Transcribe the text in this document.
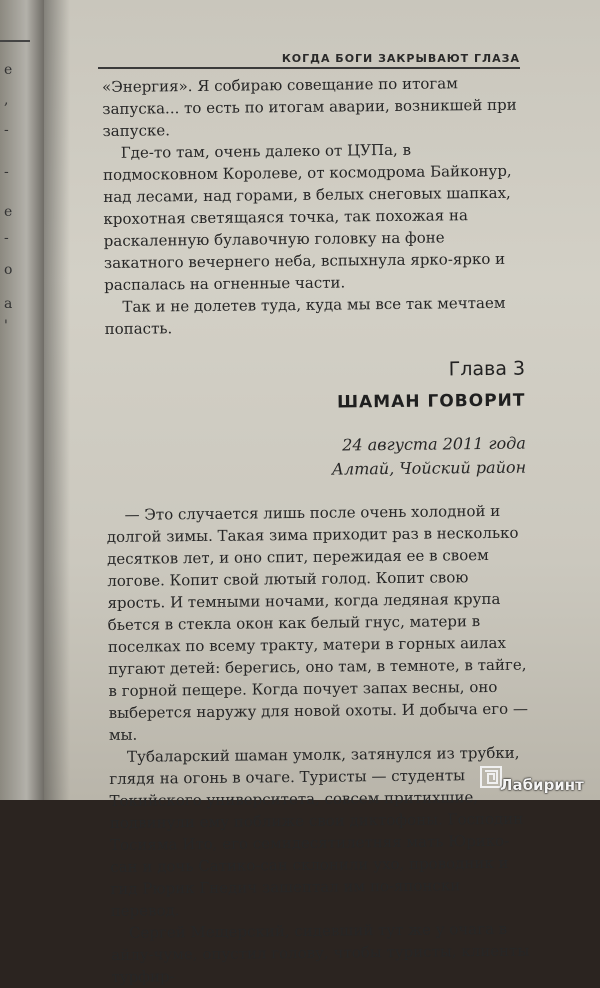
e
,
-
-
e
-
o
a
'
КОГДА БОГИ ЗАКРЫВАЮТ ГЛАЗА

«Энергия». Я собираю совещание по итогам запуска... то есть по итогам аварии, возникшей при запуске.

Где-то там, очень далеко от ЦУПа, в подмосковном Королеве, от космодрома Байконур, над лесами, над горами, в белых снеговых шапках, крохотная светящаяся точка, так похожая на раскаленную булавочную головку на фоне закатного вечернего неба, вспыхнула ярко-ярко и распалась на огненные части.

Так и не долетев туда, куда мы все так мечтаем попасть.

Глава 3
ШАМАН ГОВОРИТ
24 августа 2011 года
Алтай, Чойский район

— Это случается лишь после очень холодной и долгой зимы. Такая зима приходит раз в несколько десятков лет, и оно спит, пережидая ее в своем логове. Копит свой лютый голод. Копит свою ярость. И темными ночами, когда ледяная крупа бьется в стекла окон как белый гнус, матери в поселках по всему тракту, матери в горных аилах пугают детей: берегись, оно там, в темноте, в тайге, в горной пещере. Когда почует запах весны, оно выберется наружу для новой охоты. И добыча его — мы.

Тубаларский шаман умолк, затянулся из трубки, глядя на огонь в очаге. Туристы — студенты Токийского университета, совсем притихшие, подвинули ему поближе свои диктофоны. Господин Тосияма Ито, его семидесятилетняя мать Юрико-сан и дочь Сатико-сан склонили ухо, проводник и гид Рюрик Гнедич зашептал им по-японски перевод.

Сергей Мещерский, сидевший тут же у очага в айлу-чуме, опустил голову, чтобы туристы, клиенты турфир-

Лабиринт
